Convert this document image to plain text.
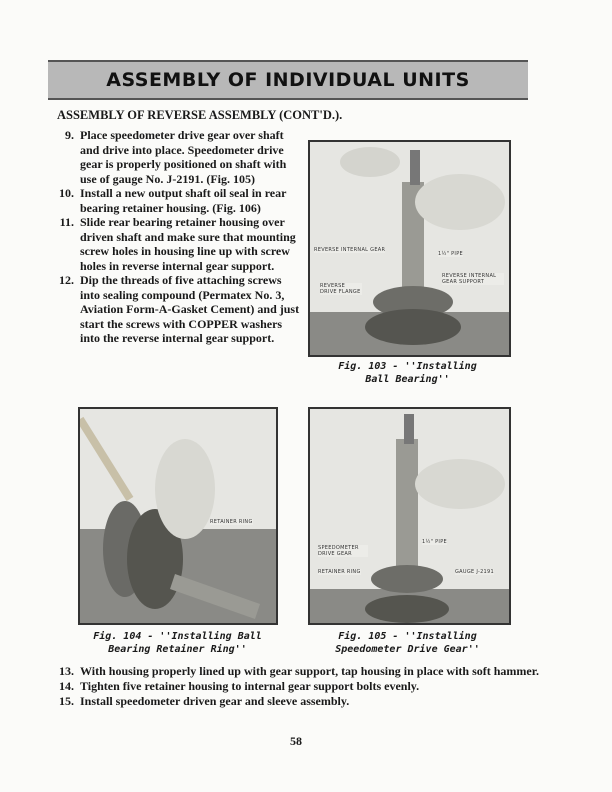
ASSEMBLY OF INDIVIDUAL UNITS
ASSEMBLY OF REVERSE ASSEMBLY (CONT'D.).
9. Place speedometer drive gear over shaft and drive into place. Speedometer drive gear is properly positioned on shaft with use of gauge No. J-2191. (Fig. 105)
10. Install a new output shaft oil seal in rear bearing retainer housing. (Fig. 106)
11. Slide rear bearing retainer housing over driven shaft and make sure that mounting screw holes in housing line up with screw holes in reverse internal gear support.
12. Dip the threads of five attaching screws into sealing compound (Permatex No. 3, Aviation Form-A-Gasket Cement) and just start the screws with COPPER washers into the reverse internal gear support.
REVERSE INTERNAL GEAR
1½" PIPE
REVERSE INTERNAL GEAR SUPPORT
REVERSE DRIVE FLANGE
Fig. 103 - ''Installing
Ball Bearing''
RETAINER RING
Fig. 104 - ''Installing Ball
Bearing Retainer Ring''
1½" PIPE
SPEEDOMETER DRIVE GEAR
RETAINER RING	GAUGE J-2191
Fig. 105 - ''Installing
Speedometer Drive Gear''
13. With housing properly lined up with gear support, tap housing in place with soft hammer.
14. Tighten five retainer housing to internal gear support bolts evenly.
15. Install speedometer driven gear and sleeve assembly.
58
